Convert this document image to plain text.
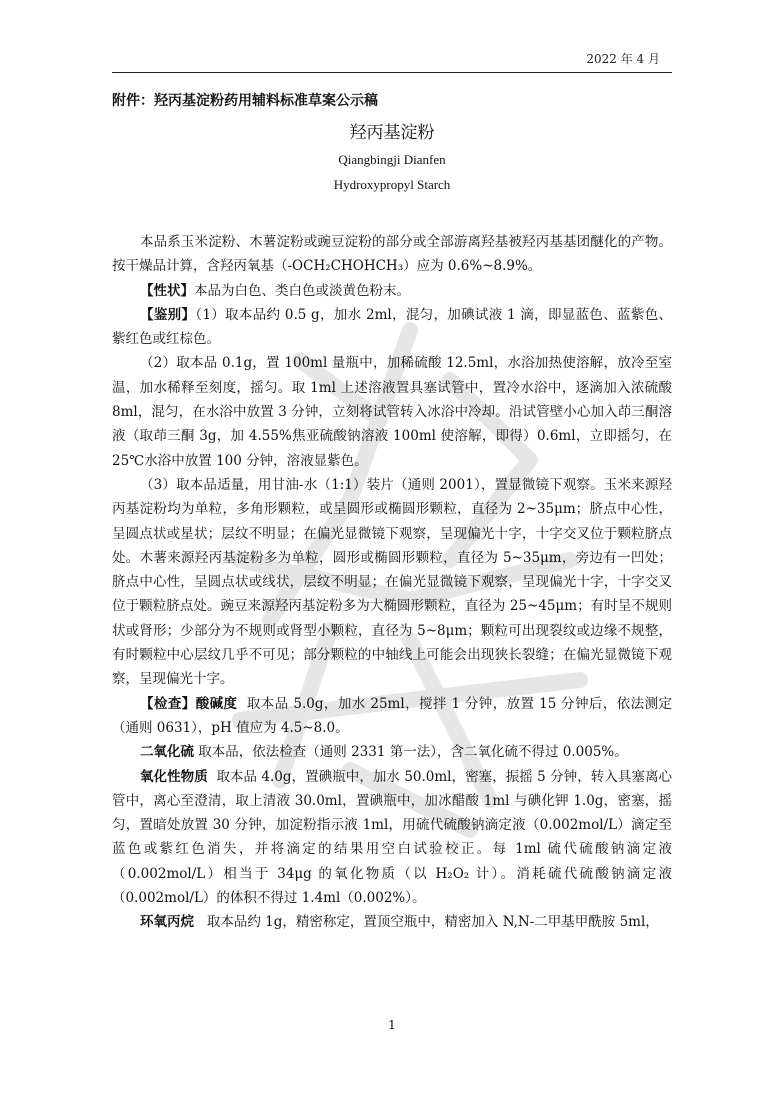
2022 年 4 月
附件：羟丙基淀粉药用辅料标准草案公示稿
羟丙基淀粉
Qiangbingji Dianfen
Hydroxypropyl Starch

本品系玉米淀粉、木薯淀粉或豌豆淀粉的部分或全部游离羟基被羟丙基基团醚化的产物。按干燥品计算，含羟丙氧基（-OCH₂CHOHCH₃）应为 0.6%~8.9%。

【性状】本品为白色、类白色或淡黄色粉末。

【鉴别】（1）取本品约 0.5 g，加水 2ml，混匀，加碘试液 1 滴，即显蓝色、蓝紫色、紫红色或红棕色。

（2）取本品 0.1g，置 100ml 量瓶中，加稀硫酸 12.5ml，水浴加热使溶解，放冷至室温，加水稀释至刻度，摇匀。取 1ml 上述溶液置具塞试管中，置冷水浴中，逐滴加入浓硫酸 8ml，混匀，在水浴中放置 3 分钟，立刻将试管转入冰浴中冷却。沿试管壁小心加入茚三酮溶液（取茚三酮 3g，加 4.55%焦亚硫酸钠溶液 100ml 使溶解，即得）0.6ml，立即摇匀，在 25℃水浴中放置 100 分钟，溶液显紫色。

（3）取本品适量，用甘油-水（1:1）装片（通则 2001），置显微镜下观察。玉米来源羟丙基淀粉均为单粒，多角形颗粒，或呈圆形或椭圆形颗粒，直径为 2~35μm；脐点中心性，呈圆点状或星状；层纹不明显；在偏光显微镜下观察，呈现偏光十字，十字交叉位于颗粒脐点处。木薯来源羟丙基淀粉多为单粒，圆形或椭圆形颗粒，直径为 5~35μm，旁边有一凹处；脐点中心性，呈圆点状或线状，层纹不明显；在偏光显微镜下观察，呈现偏光十字，十字交叉位于颗粒脐点处。豌豆来源羟丙基淀粉多为大椭圆形颗粒，直径为 25~45μm；有时呈不规则状或肾形；少部分为不规则或肾型小颗粒，直径为 5~8μm；颗粒可出现裂纹或边缘不规整，有时颗粒中心层纹几乎不可见；部分颗粒的中轴线上可能会出现狭长裂缝；在偏光显微镜下观察，呈现偏光十字。

【检查】酸碱度 取本品 5.0g，加水 25ml，搅拌 1 分钟，放置 15 分钟后，依法测定（通则 0631），pH 值应为 4.5~8.0。

二氧化硫 取本品，依法检查（通则 2331 第一法），含二氧化硫不得过 0.005%。

氧化性物质 取本品 4.0g，置碘瓶中，加水 50.0ml，密塞，振摇 5 分钟，转入具塞离心管中，离心至澄清，取上清液 30.0ml，置碘瓶中，加冰醋酸 1ml 与碘化钾 1.0g，密塞，摇匀，置暗处放置 30 分钟，加淀粉指示液 1ml，用硫代硫酸钠滴定液（0.002mol/L）滴定至蓝色或紫红色消失，并将滴定的结果用空白试验校正。每 1ml 硫代硫酸钠滴定液（0.002mol/L）相当于 34μg 的氧化物质（以 H₂O₂ 计）。消耗硫代硫酸钠滴定液（0.002mol/L）的体积不得过 1.4ml（0.002%）。

环氧丙烷 取本品约 1g，精密称定，置顶空瓶中，精密加入 N,N-二甲基甲酰胺 5ml，

1
